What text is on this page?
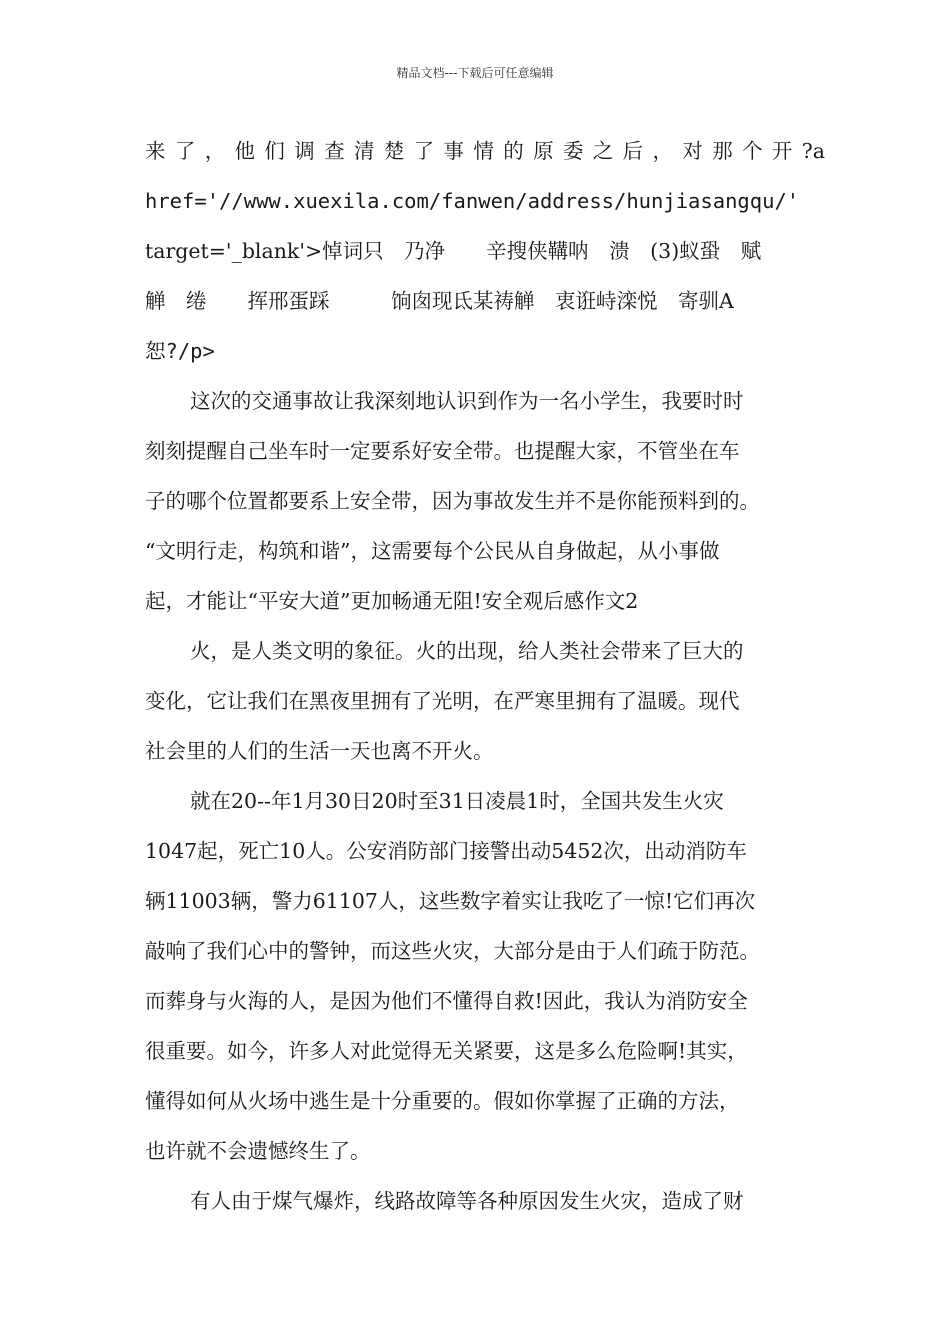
精品文档---下载后可任意编辑
来 了 ， 他 们 调 查 清 楚 了 事 情 的 原 委 之 后 ， 对 那 个 开 ?a
href='//www.xuexila.com/fanwen/address/hunjiasangqu/'
target='_blank'>悼词只　乃净　　辛搜侠鞲呐　溃　(3)蚁蛩　赋
觯　绻　　挥邢蛋踩　　　饷囱现氐某祷觯　衷诳峙滦悦　寄驯A
恕?/p>
这次的交通事故让我深刻地认识到作为一名小学生，我要时时
刻刻提醒自己坐车时一定要系好安全带。也提醒大家，不管坐在车
子的哪个位置都要系上安全带，因为事故发生并不是你能预料到的。
“文明行走，构筑和谐”，这需要每个公民从自身做起，从小事做
起，才能让“平安大道”更加畅通无阻!安全观后感作文2
火，是人类文明的象征。火的出现，给人类社会带来了巨大的
变化，它让我们在黑夜里拥有了光明，在严寒里拥有了温暖。现代
社会里的人们的生活一天也离不开火。
就在20--年1月30日20时至31日凌晨1时，全国共发生火灾
1047起，死亡10人。公安消防部门接警出动5452次，出动消防车
辆11003辆，警力61107人，这些数字着实让我吃了一惊!它们再次
敲响了我们心中的警钟，而这些火灾，大部分是由于人们疏于防范。
而葬身与火海的人，是因为他们不懂得自救!因此，我认为消防安全
很重要。如今，许多人对此觉得无关紧要，这是多么危险啊!其实，
懂得如何从火场中逃生是十分重要的。假如你掌握了正确的方法，
也许就不会遗憾终生了。
有人由于煤气爆炸，线路故障等各种原因发生火灾，造成了财
